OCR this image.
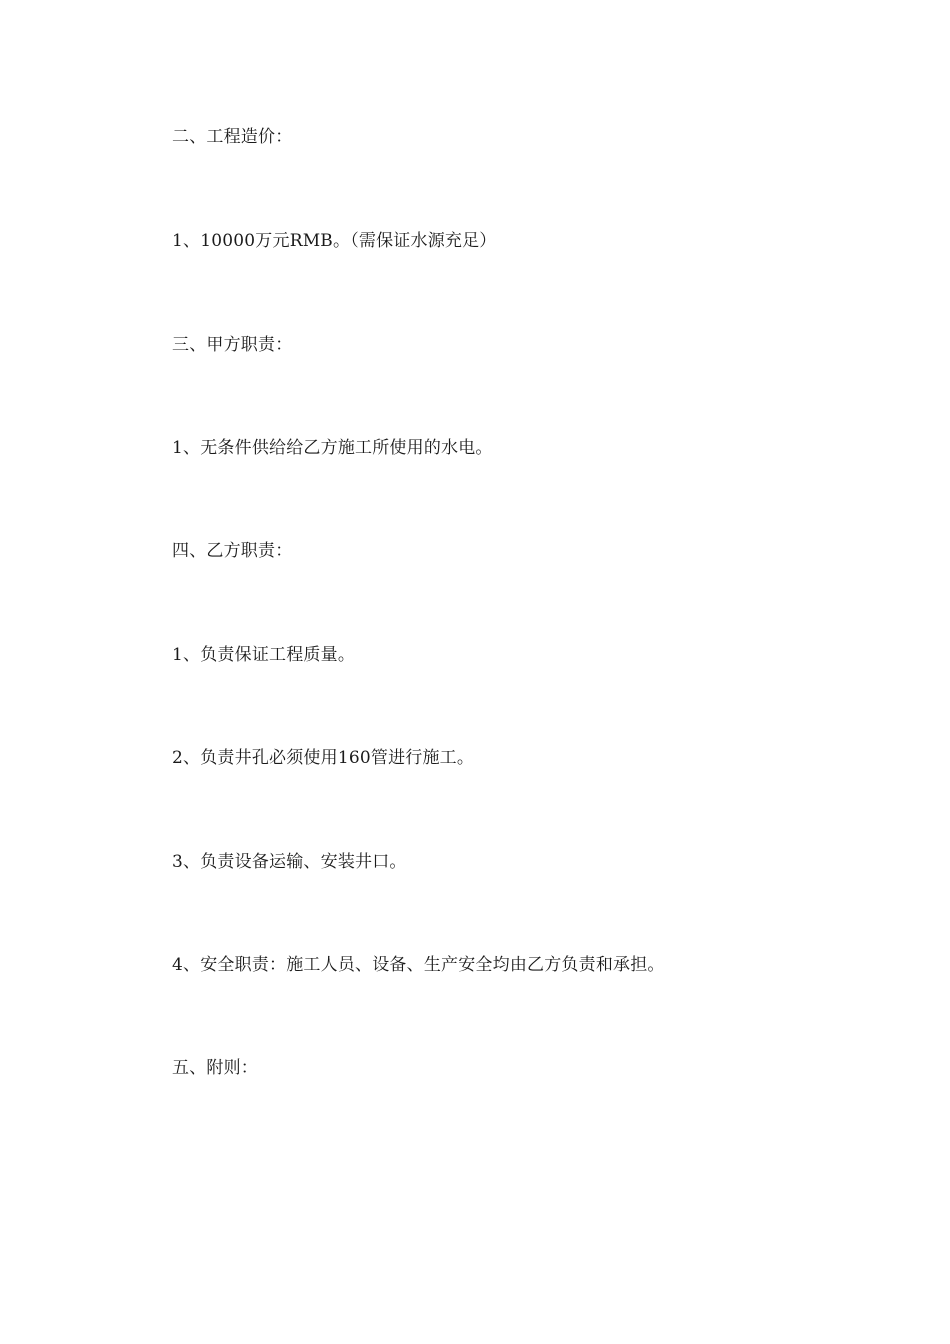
二、工程造价：
1、10000万元RMB。（需保证水源充足）
三、甲方职责：
1、无条件供给给乙方施工所使用的水电。
四、乙方职责：
1、负责保证工程质量。
2、负责井孔必须使用160管进行施工。
3、负责设备运输、安装井口。
4、安全职责：施工人员、设备、生产安全均由乙方负责和承担。
五、附则：
